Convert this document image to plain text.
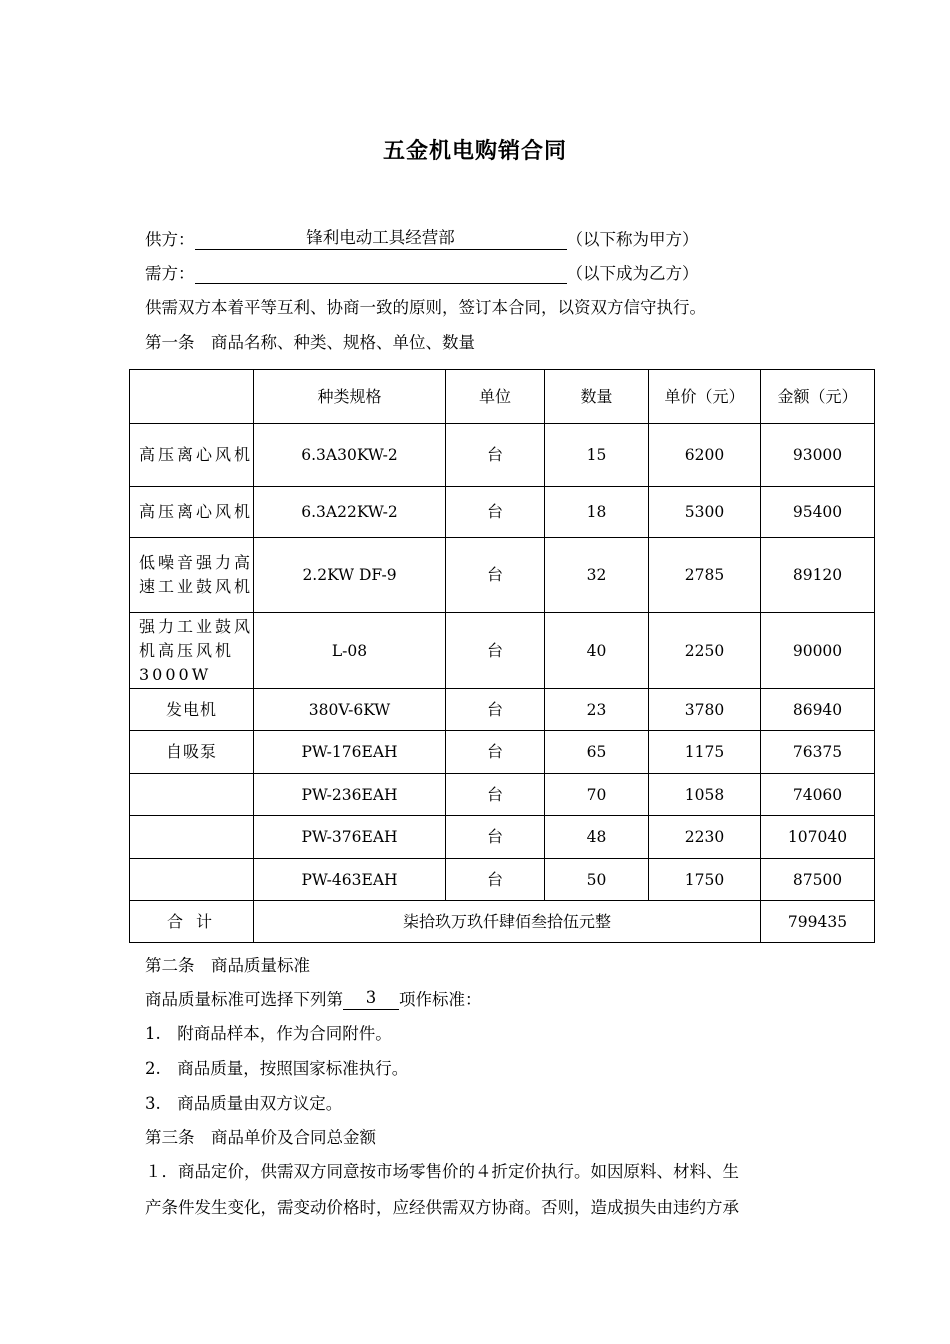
五金机电购销合同
供方：	锋利电动工具经营部	（以下称为甲方）
需方：	（以下成为乙方）
供需双方本着平等互利、协商一致的原则，签订本合同，以资双方信守执行。
第一条　商品名称、种类、规格、单位、数量
	种类规格	单位	数量	单价（元）	金额（元）
高压离心风机	6.3A30KW-2	台	15	6200	93000
高压离心风机	6.3A22KW-2	台	18	5300	95400
低噪音强力高速工业鼓风机	2.2KW DF-9	台	32	2785	89120
强力工业鼓风机高压风机3000W	L-08	台	40	2250	90000
发电机	380V-6KW	台	23	3780	86940
自吸泵	PW-176EAH	台	65	1175	76375
	PW-236EAH	台	70	1058	74060
	PW-376EAH	台	48	2230	107040
	PW-463EAH	台	50	1750	87500
合 计	柒拾玖万玖仟肆佰叁拾伍元整				799435
第二条　商品质量标准
商品质量标准可选择下列第 3 项作标准：
1.　附商品样本，作为合同附件。
2.　商品质量，按照国家标准执行。
3.　商品质量由双方议定。
第三条　商品单价及合同总金额
１．商品定价，供需双方同意按市场零售价的４折定价执行。如因原料、材料、生
产条件发生变化，需变动价格时，应经供需双方协商。否则，造成损失由违约方承
